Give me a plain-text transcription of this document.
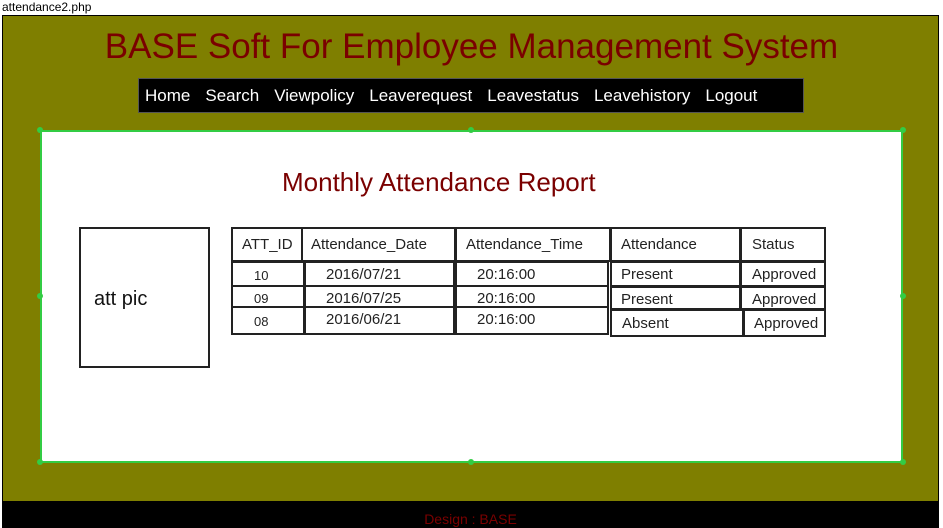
attendance2.php
BASE Soft For Employee Management System
Home Search Viewpolicy Leaverequest Leavestatus Leavehistory Logout
Monthly Attendance Report
att pic
ATT_ID	Attendance_Date	Attendance_Time	Attendance	Status
10	2016/07/21	20:16:00	Present	Approved
09	2016/07/25	20:16:00	Present	Approved
08	2016/06/21	20:16:00	Absent	Approved
Design : BASE
